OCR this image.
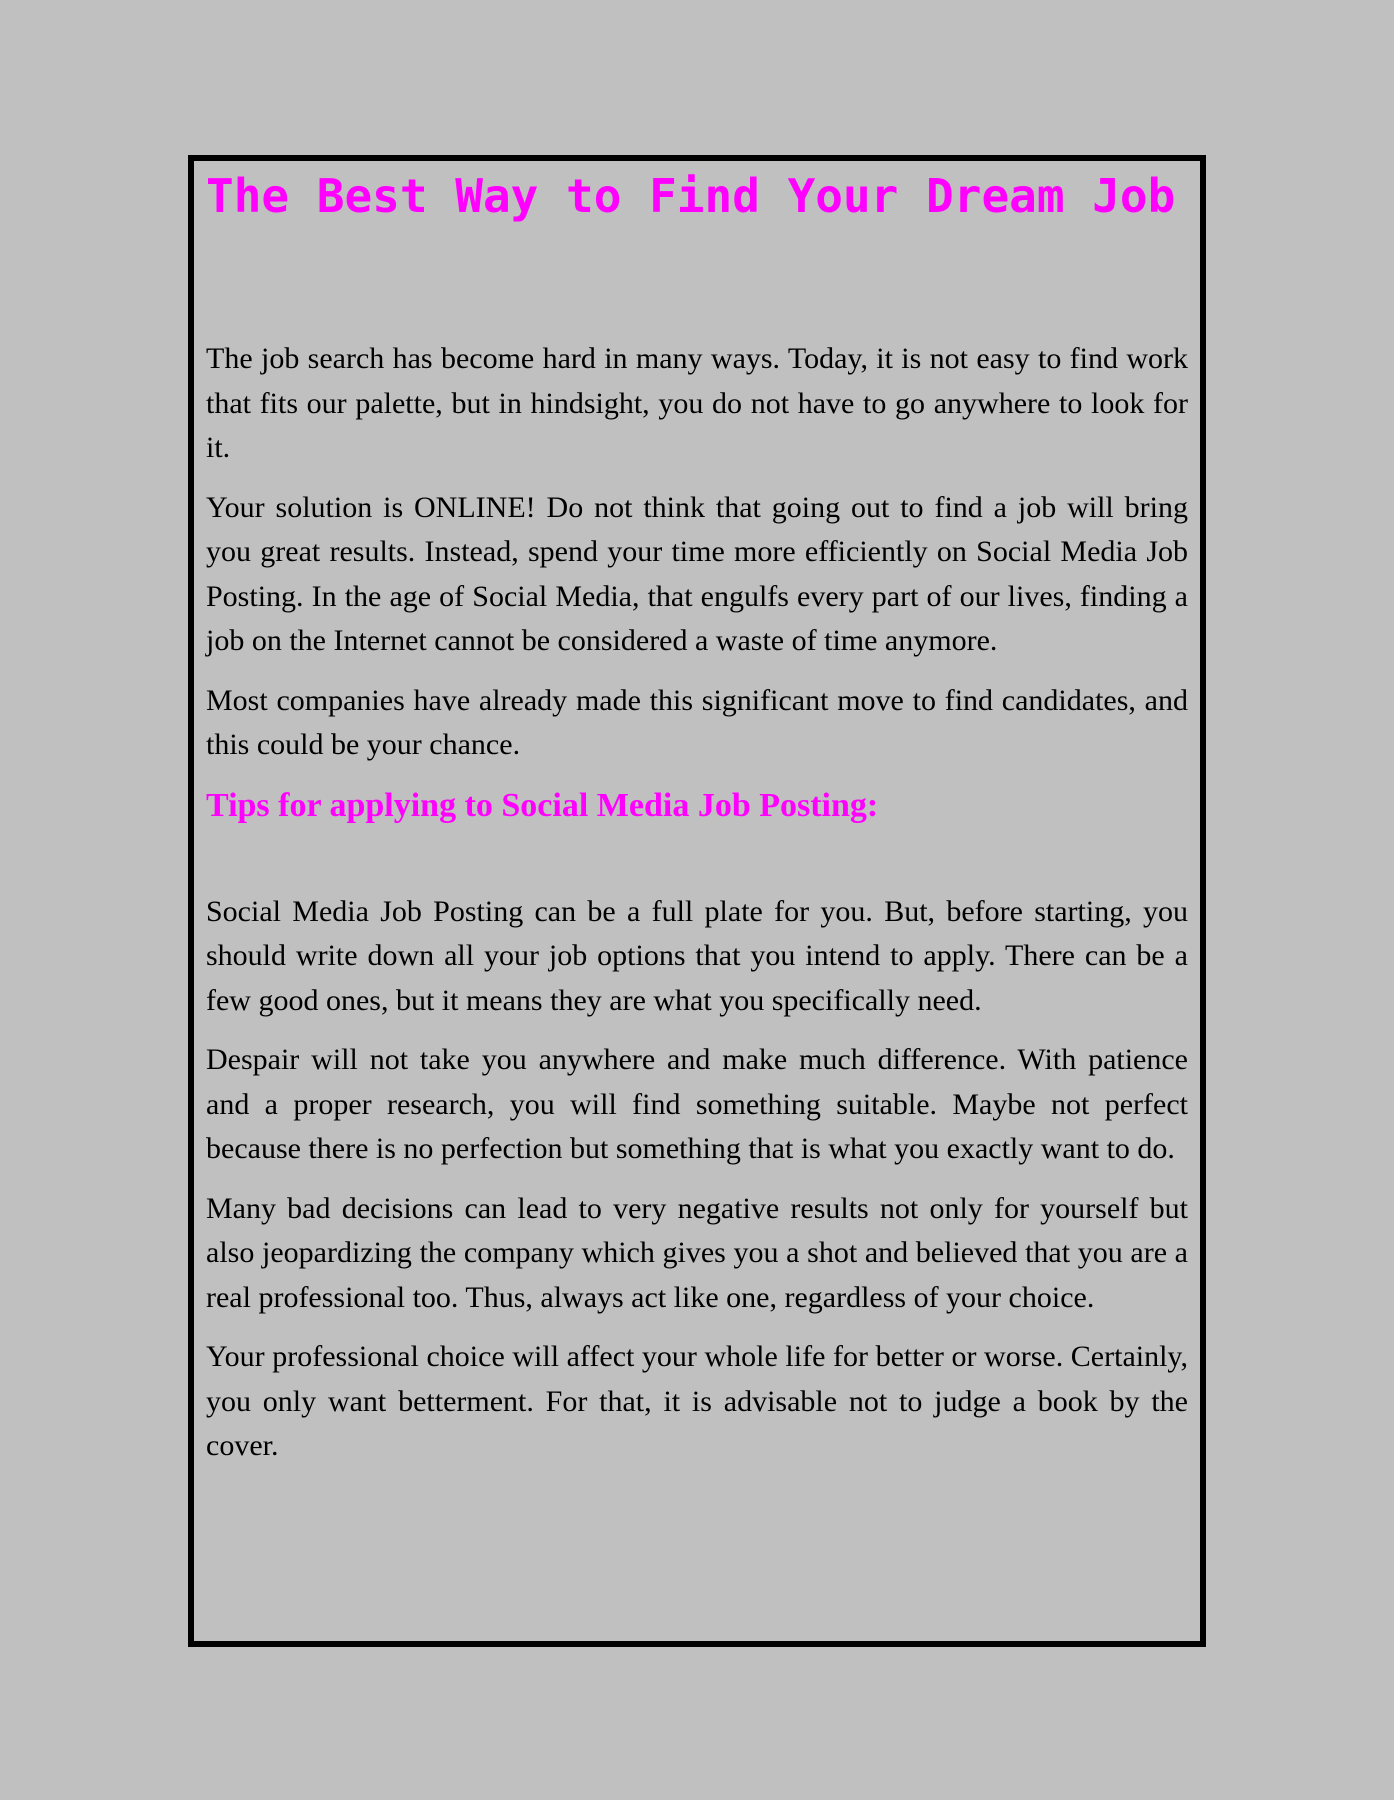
The Best Way to Find Your Dream Job

The job search has become hard in many ways. Today, it is not easy to find work that fits our palette, but in hindsight, you do not have to go anywhere to look for it.

Your solution is ONLINE! Do not think that going out to find a job will bring you great results. Instead, spend your time more efficiently on Social Media Job Posting. In the age of Social Media, that engulfs every part of our lives, finding a job on the Internet cannot be considered a waste of time anymore.

Most companies have already made this significant move to find candidates, and this could be your chance.

Tips for applying to Social Media Job Posting:

Social Media Job Posting can be a full plate for you. But, before starting, you should write down all your job options that you intend to apply. There can be a few good ones, but it means they are what you specifically need.

Despair will not take you anywhere and make much difference. With patience and a proper research, you will find something suitable. Maybe not perfect because there is no perfection but something that is what you exactly want to do.

Many bad decisions can lead to very negative results not only for yourself but also jeopardizing the company which gives you a shot and believed that you are a real professional too. Thus, always act like one, regardless of your choice.

Your professional choice will affect your whole life for better or worse. Certainly, you only want betterment. For that, it is advisable not to judge a book by the cover.
